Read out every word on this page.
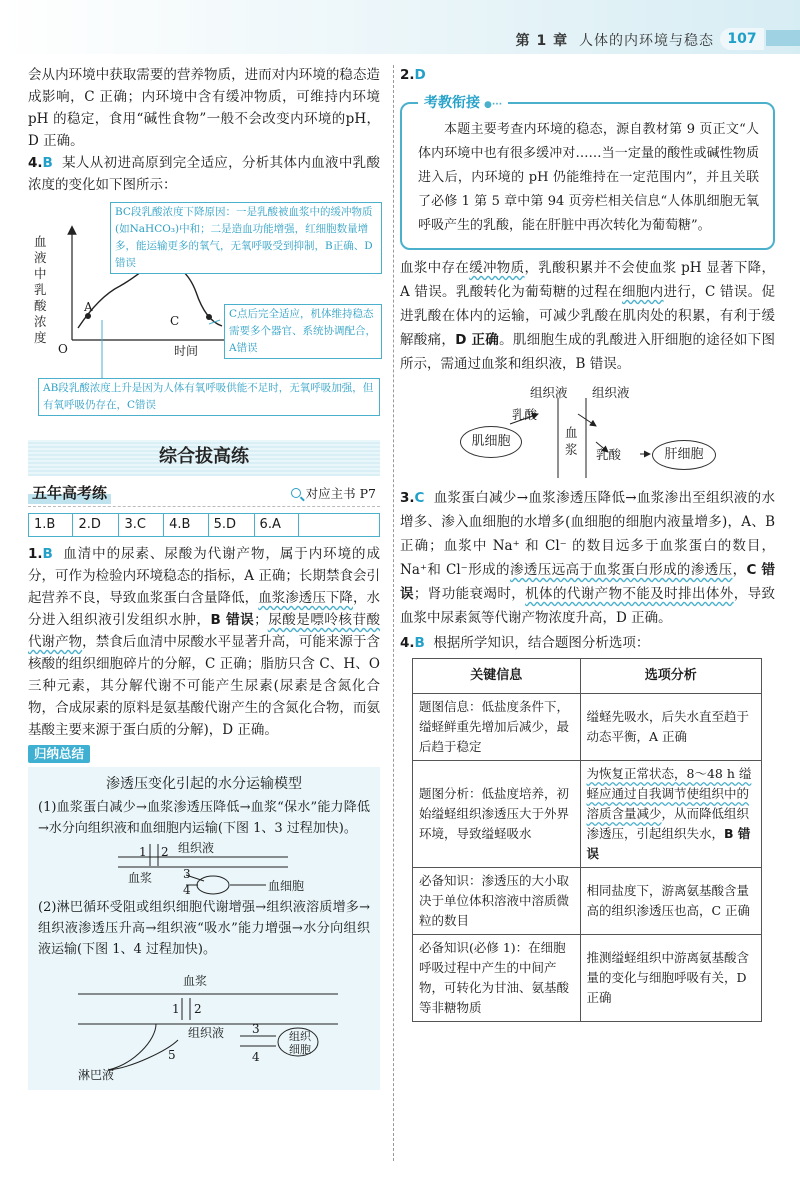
第 1 章 人体的内环境与稳态 107

会从内环境中获取需要的营养物质，进而对内环境的稳态造成影响，C 正确；内环境中含有缓冲物质，可维持内环境 pH 的稳定，食用“碱性食物”一般不会改变内环境的pH，D 正确。

4.B 某人从初进高原到完全适应，分析其体内血液中乳酸浓度的变化如下图所示：

血液中乳酸浓度
O	时间
A
C
BC段乳酸浓度下降原因：一是乳酸被血浆中的缓冲物质(如NaHCO₃)中和；二是造血功能增强，红细胞数量增多，能运输更多的氧气，无氧呼吸受到抑制，B正确、D错误
C点后完全适应，机体维持稳态需要多个器官、系统协调配合，A错误
AB段乳酸浓度上升是因为人体有氧呼吸供能不足时，无氧呼吸加强，但有氧呼吸仍存在，C错误
综合拔高练
五年高考练	对应主书 P7
1.B	2.D	3.C	4.B	5.D	6.A	

1.B 血清中的尿素、尿酸为代谢产物，属于内环境的成分，可作为检验内环境稳态的指标，A 正确；长期禁食会引起营养不良，导致血浆蛋白含量降低，血浆渗透压下降，水分进入组织液引发组织水肿，B 错误；尿酸是嘌呤核苷酸代谢产物，禁食后血清中尿酸水平显著升高，可能来源于含核酸的组织细胞碎片的分解，C 正确；脂肪只含 C、H、O 三种元素，其分解代谢不可能产生尿素(尿素是含氮化合物，合成尿素的原料是氨基酸代谢产生的含氮化合物，而氨基酸主要来源于蛋白质的分解)，D 正确。

归纳总结
渗透压变化引起的水分运输模型

(1)血浆蛋白减少→血浆渗透压降低→血浆“保水”能力降低→水分向组织液和血细胞内运输(下图 1、3 过程加快)。

1 2 组织液
血浆	3
4	血细胞

(2)淋巴循环受阻或组织细胞代谢增强→组织液溶质增多→组织液渗透压升高→组织液“吸水”能力增强→水分向组织液运输(下图 1、4 过程加快)。

血浆
1 2
组织液 3
4
5
组织细胞
淋巴液

2.D

考教衔接 ●···

本题主要考查内环境的稳态，源自教材第 9 页正文“人体内环境中也有很多缓冲对……当一定量的酸性或碱性物质进入后，内环境的 pH 仍能维持在一定范围内”，并且关联了必修 1 第 5 章中第 94 页旁栏相关信息“人体肌细胞无氧呼吸产生的乳酸，能在肝脏中再次转化为葡萄糖”。

血浆中存在缓冲物质，乳酸积累并不会使血浆 pH 显著下降，A 错误。乳酸转化为葡萄糖的过程在细胞内进行，C 错误。促进乳酸在体内的运输，可减少乳酸在肌肉处的积累，有利于缓解酸痛，D 正确。肌细胞生成的乳酸进入肝细胞的途径如下图所示，需通过血浆和组织液，B 错误。

组织液 组织液
乳酸
肌细胞
血浆 乳酸	肝细胞

3.C 血浆蛋白减少→血浆渗透压降低→血浆渗出至组织液的水增多、渗入血细胞的水增多(血细胞的细胞内液量增多)，A、B 正确；血浆中 Na⁺ 和 Cl⁻ 的数目远多于血浆蛋白的数目，Na⁺和 Cl⁻形成的渗透压远高于血浆蛋白形成的渗透压，C 错误；肾功能衰竭时，机体的代谢产物不能及时排出体外，导致血浆中尿素氮等代谢产物浓度升高，D 正确。

4.B 根据所学知识，结合题图分析选项：

关键信息	选项分析
题图信息：低盐度条件下，缢蛏鲜重先增加后减少，最后趋于稳定	缢蛏先吸水，后失水直至趋于动态平衡，A 正确
题图分析：低盐度培养，初始缢蛏组织渗透压大于外界环境，导致缢蛏吸水	为恢复正常状态，8～48 h 缢蛏应通过自我调节使组织中的溶质含量减少，从而降低组织渗透压，引起组织失水，B 错误
必备知识：渗透压的大小取决于单位体积溶液中溶质微粒的数目	相同盐度下，游离氨基酸含量高的组织渗透压也高，C 正确
必备知识(必修 1)：在细胞呼吸过程中产生的中间产物，可转化为甘油、氨基酸等非糖物质	推测缢蛏组织中游离氨基酸含量的变化与细胞呼吸有关，D 正确
